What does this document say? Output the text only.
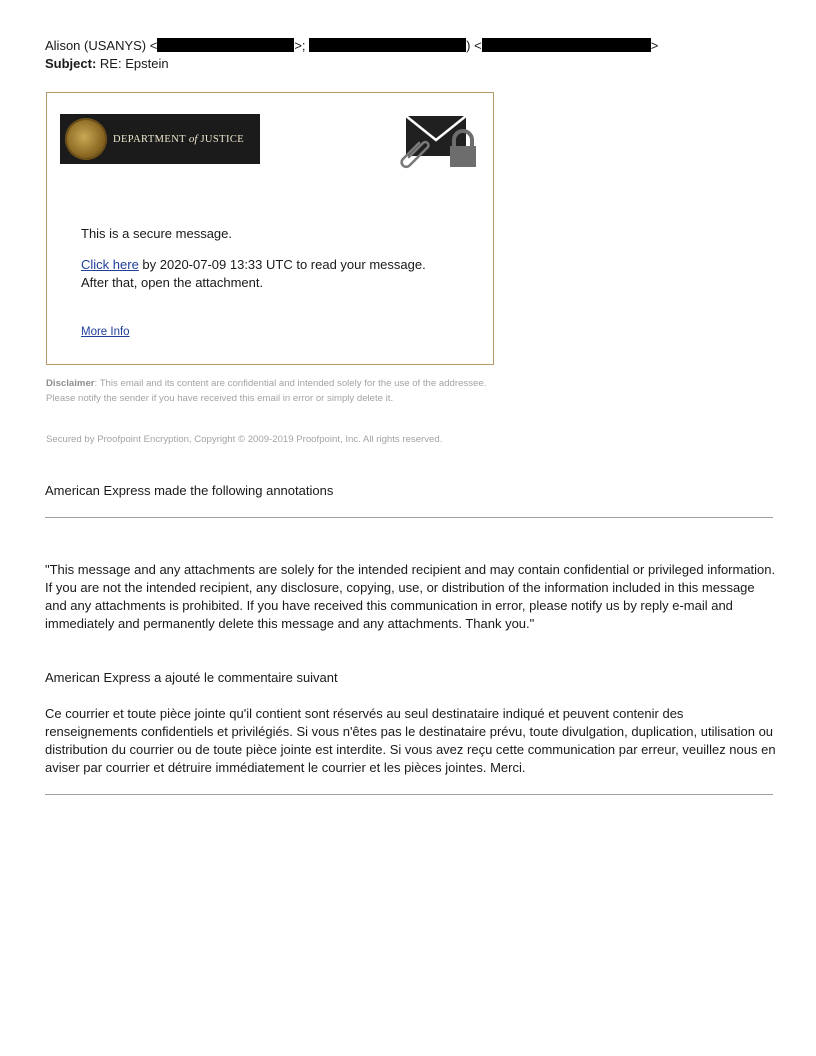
Alison (USANYS) <	>;	) <	>
Subject: RE: Epstein
DEPARTMENT of JUSTICE
This is a secure message.
Click here by 2020-07-09 13:33 UTC to read your message.
After that, open the attachment.
More Info
Disclaimer: This email and its content are confidential and intended solely for the use of the addressee. Please notify the sender if you have received this email in error or simply delete it.
Secured by Proofpoint Encryption, Copyright © 2009-2019 Proofpoint, Inc. All rights reserved.
American Express made the following annotations
"This message and any attachments are solely for the intended recipient and may contain confidential or privileged information. If you are not the intended recipient, any disclosure, copying, use, or distribution of the information included in this message and any attachments is prohibited. If you have received this communication in error, please notify us by reply e-mail and immediately and permanently delete this message and any attachments. Thank you."
American Express a ajouté le commentaire suivant
Ce courrier et toute pièce jointe qu'il contient sont réservés au seul destinataire indiqué et peuvent contenir des renseignements confidentiels et privilégiés. Si vous n'êtes pas le destinataire prévu, toute divulgation, duplication, utilisation ou distribution du courrier ou de toute pièce jointe est interdite. Si vous avez reçu cette communication par erreur, veuillez nous en aviser par courrier et détruire immédiatement le courrier et les pièces jointes. Merci.
